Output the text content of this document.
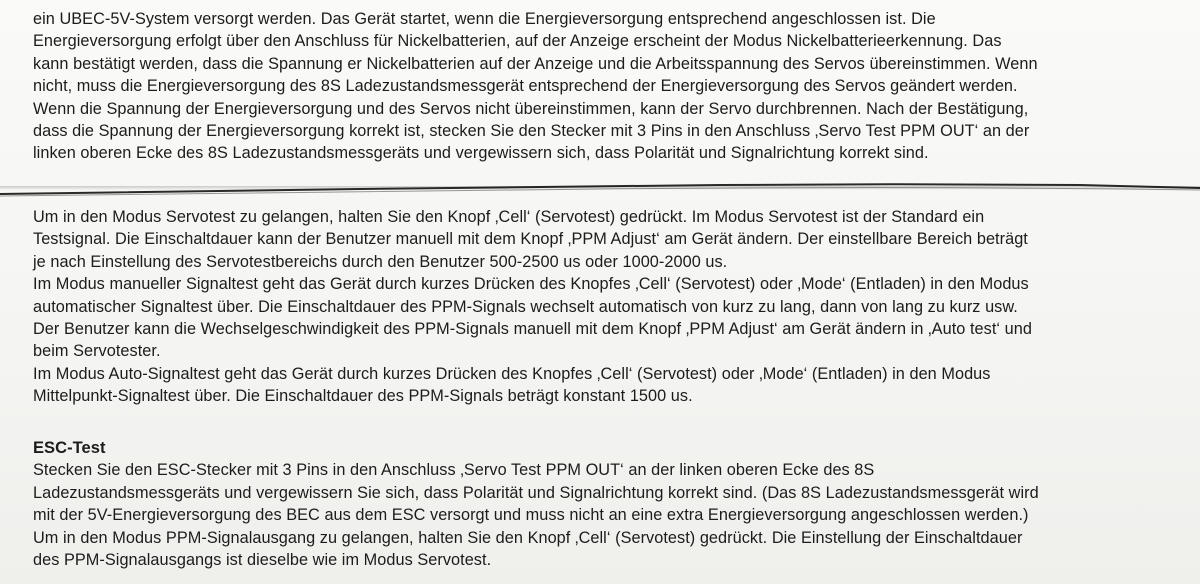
ein UBEC-5V-System versorgt werden. Das Gerät startet, wenn die Energieversorgung entsprechend angeschlossen ist. Die
Energieversorgung erfolgt über den Anschluss für Nickelbatterien, auf der Anzeige erscheint der Modus Nickelbatterieerkennung. Das
kann bestätigt werden, dass die Spannung er Nickelbatterien auf der Anzeige und die Arbeitsspannung des Servos übereinstimmen. Wenn
nicht, muss die Energieversorgung des 8S Ladezustandsmessgerät entsprechend der Energieversorgung des Servos geändert werden.
Wenn die Spannung der Energieversorgung und des Servos nicht übereinstimmen, kann der Servo durchbrennen. Nach der Bestätigung,
dass die Spannung der Energieversorgung korrekt ist, stecken Sie den Stecker mit 3 Pins in den Anschluss ‚Servo Test PPM OUT‘ an der
linken oberen Ecke des 8S Ladezustandsmessgeräts und vergewissern sich, dass Polarität und Signalrichtung korrekt sind.
Um in den Modus Servotest zu gelangen, halten Sie den Knopf ‚Cell‘ (Servotest) gedrückt. Im Modus Servotest ist der Standard ein
Testsignal. Die Einschaltdauer kann der Benutzer manuell mit dem Knopf ‚PPM Adjust‘ am Gerät ändern. Der einstellbare Bereich beträgt
je nach Einstellung des Servotestbereichs durch den Benutzer 500-2500 us oder 1000-2000 us.
Im Modus manueller Signaltest geht das Gerät durch kurzes Drücken des Knopfes ‚Cell‘ (Servotest) oder ‚Mode‘ (Entladen) in den Modus
automatischer Signaltest über. Die Einschaltdauer des PPM-Signals wechselt automatisch von kurz zu lang, dann von lang zu kurz usw.
Der Benutzer kann die Wechselgeschwindigkeit des PPM-Signals manuell mit dem Knopf ‚PPM Adjust‘ am Gerät ändern in ‚Auto test‘ und
beim Servotester.
Im Modus Auto-Signaltest geht das Gerät durch kurzes Drücken des Knopfes ‚Cell‘ (Servotest) oder ‚Mode‘ (Entladen) in den Modus
Mittelpunkt-Signaltest über. Die Einschaltdauer des PPM-Signals beträgt konstant 1500 us.
ESC-Test
Stecken Sie den ESC-Stecker mit 3 Pins in den Anschluss ‚Servo Test PPM OUT‘ an der linken oberen Ecke des 8S
Ladezustandsmessgeräts und vergewissern Sie sich, dass Polarität und Signalrichtung korrekt sind. (Das 8S Ladezustandsmessgerät wird
mit der 5V-Energieversorgung des BEC aus dem ESC versorgt und muss nicht an eine extra Energieversorgung angeschlossen werden.)
Um in den Modus PPM-Signalausgang zu gelangen, halten Sie den Knopf ‚Cell‘ (Servotest) gedrückt. Die Einstellung der Einschaltdauer
des PPM-Signalausgangs ist dieselbe wie im Modus Servotest.
